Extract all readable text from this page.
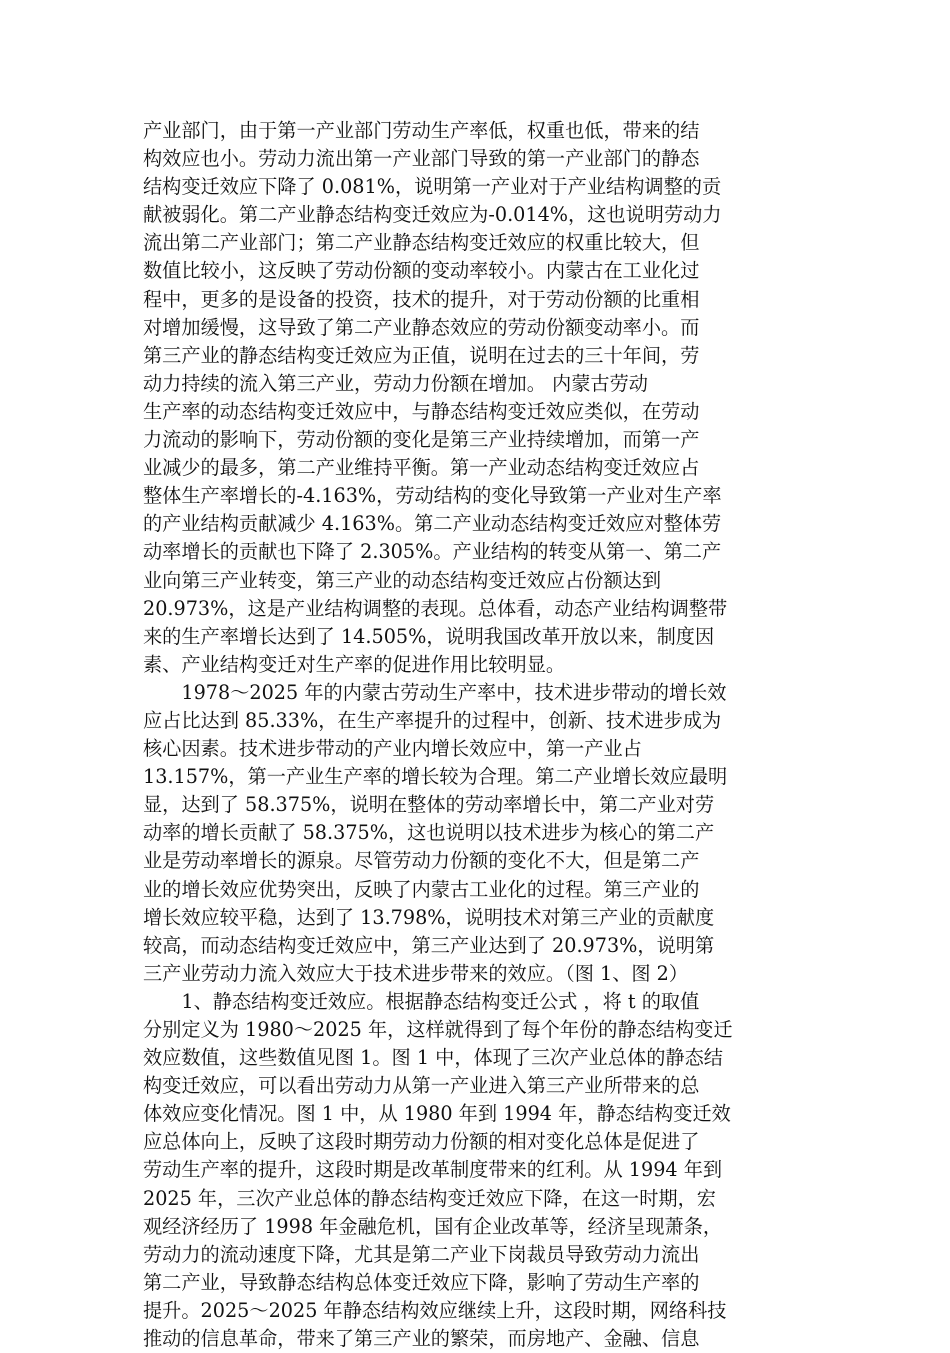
产业部门，由于第一产业部门劳动生产率低，权重也低，带来的结
构效应也小。劳动力流出第一产业部门导致的第一产业部门的静态
结构变迁效应下降了 0.081%，说明第一产业对于产业结构调整的贡
献被弱化。第二产业静态结构变迁效应为-0.014%，这也说明劳动力
流出第二产业部门；第二产业静态结构变迁效应的权重比较大，但
数值比较小，这反映了劳动份额的变动率较小。内蒙古在工业化过
程中，更多的是设备的投资，技术的提升，对于劳动份额的比重相
对增加缓慢，这导致了第二产业静态效应的劳动份额变动率小。而
第三产业的静态结构变迁效应为正值，说明在过去的三十年间，劳
动力持续的流入第三产业，劳动力份额在增加。 内蒙古劳动
生产率的动态结构变迁效应中，与静态结构变迁效应类似，在劳动
力流动的影响下，劳动份额的变化是第三产业持续增加，而第一产
业减少的最多，第二产业维持平衡。第一产业动态结构变迁效应占
整体生产率增长的-4.163%，劳动结构的变化导致第一产业对生产率
的产业结构贡献减少 4.163%。第二产业动态结构变迁效应对整体劳
动率增长的贡献也下降了 2.305%。产业结构的转变从第一、第二产
业向第三产业转变，第三产业的动态结构变迁效应占份额达到
20.973%，这是产业结构调整的表现。总体看，动态产业结构调整带
来的生产率增长达到了 14.505%，说明我国改革开放以来，制度因
素、产业结构变迁对生产率的促进作用比较明显。
　　1978～2025 年的内蒙古劳动生产率中，技术进步带动的增长效
应占比达到 85.33%，在生产率提升的过程中，创新、技术进步成为
核心因素。技术进步带动的产业内增长效应中，第一产业占
13.157%，第一产业生产率的增长较为合理。第二产业增长效应最明
显，达到了 58.375%，说明在整体的劳动率增长中，第二产业对劳
动率的增长贡献了 58.375%，这也说明以技术进步为核心的第二产
业是劳动率增长的源泉。尽管劳动力份额的变化不大，但是第二产
业的增长效应优势突出，反映了内蒙古工业化的过程。第三产业的
增长效应较平稳，达到了 13.798%，说明技术对第三产业的贡献度
较高，而动态结构变迁效应中，第三产业达到了 20.973%，说明第
三产业劳动力流入效应大于技术进步带来的效应。（图 1、图 2）
　　1、静态结构变迁效应。根据静态结构变迁公式 ，将 t 的取值
分别定义为 1980～2025 年，这样就得到了每个年份的静态结构变迁
效应数值，这些数值见图 1。图 1 中，体现了三次产业总体的静态结
构变迁效应，可以看出劳动力从第一产业进入第三产业所带来的总
体效应变化情况。图 1 中，从 1980 年到 1994 年，静态结构变迁效
应总体向上，反映了这段时期劳动力份额的相对变化总体是促进了
劳动生产率的提升，这段时期是改革制度带来的红利。从 1994 年到
2025 年，三次产业总体的静态结构变迁效应下降，在这一时期，宏
观经济经历了 1998 年金融危机，国有企业改革等，经济呈现萧条，
劳动力的流动速度下降，尤其是第二产业下岗裁员导致劳动力流出
第二产业，导致静态结构总体变迁效应下降，影响了劳动生产率的
提升。2025～2025 年静态结构效应继续上升，这段时期，网络科技
推动的信息革命，带来了第三产业的繁荣，而房地产、金融、信息
